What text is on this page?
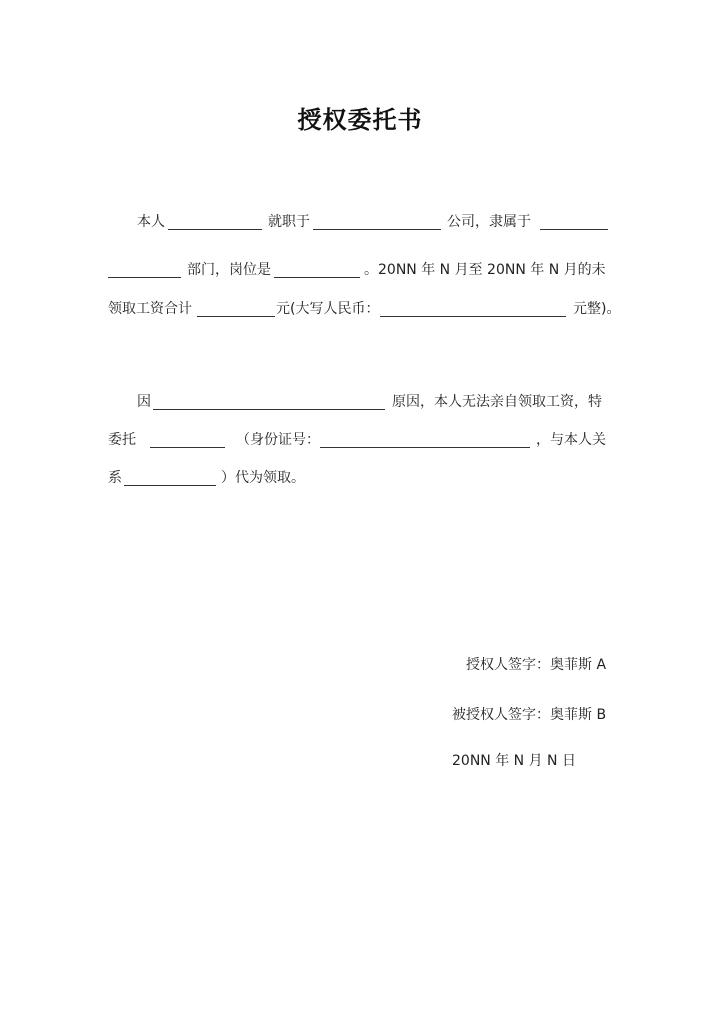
授权委托书
本人	就职于	公司，隶属于
部门，岗位是	。20NN 年 N 月至 20NN 年 N 月的未
领取工资合计	元(大写人民币：	元整)。
因	原因，本人无法亲自领取工资，特
委托	（身份证号：	，与本人关
系	）代为领取。
授权人签字：奥菲斯 A
被授权人签字：奥菲斯 B
20NN 年 N 月 N 日
